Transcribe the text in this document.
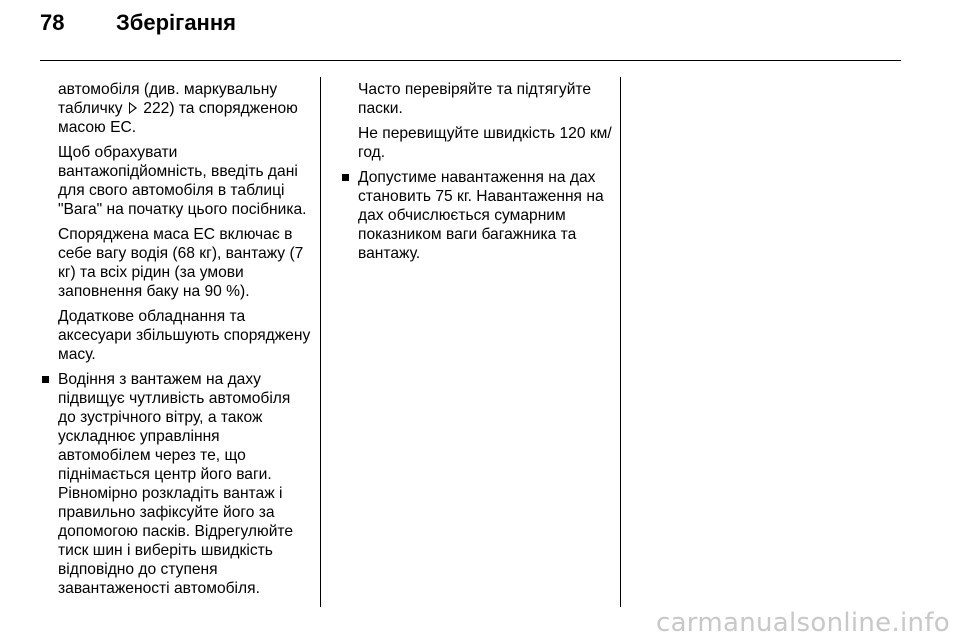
78 Зберігання

автомобіля (див. маркувальну табличку 222) та спорядженою масою ЕС.

Щоб обрахувати вантажопідйомність, введіть дані для свого автомобіля в таблиці "Вага" на початку цього посібника.

Споряджена маса ЕС включає в себе вагу водія (68 кг), вантажу (7 кг) та всіх рідин (за умови заповнення баку на 90 %).

Додаткове обладнання та аксесуари збільшують споряджену масу.

Водіння з вантажем на даху підвищує чутливість автомобіля до зустрічного вітру, а також ускладнює управління автомобілем через те, що піднімається центр його ваги. Рівномірно розкладіть вантаж і правильно зафіксуйте його за допомогою пасків. Відрегулюйте тиск шин і виберіть швидкість відповідно до ступеня завантаженості автомобіля.

Часто перевіряйте та підтягуйте паски.

Не перевищуйте швидкість 120 км/год.

Допустиме навантаження на дах становить 75 кг. Навантаження на дах обчислюється сумарним показником ваги багажника та вантажу.
carmanualsonline.info
